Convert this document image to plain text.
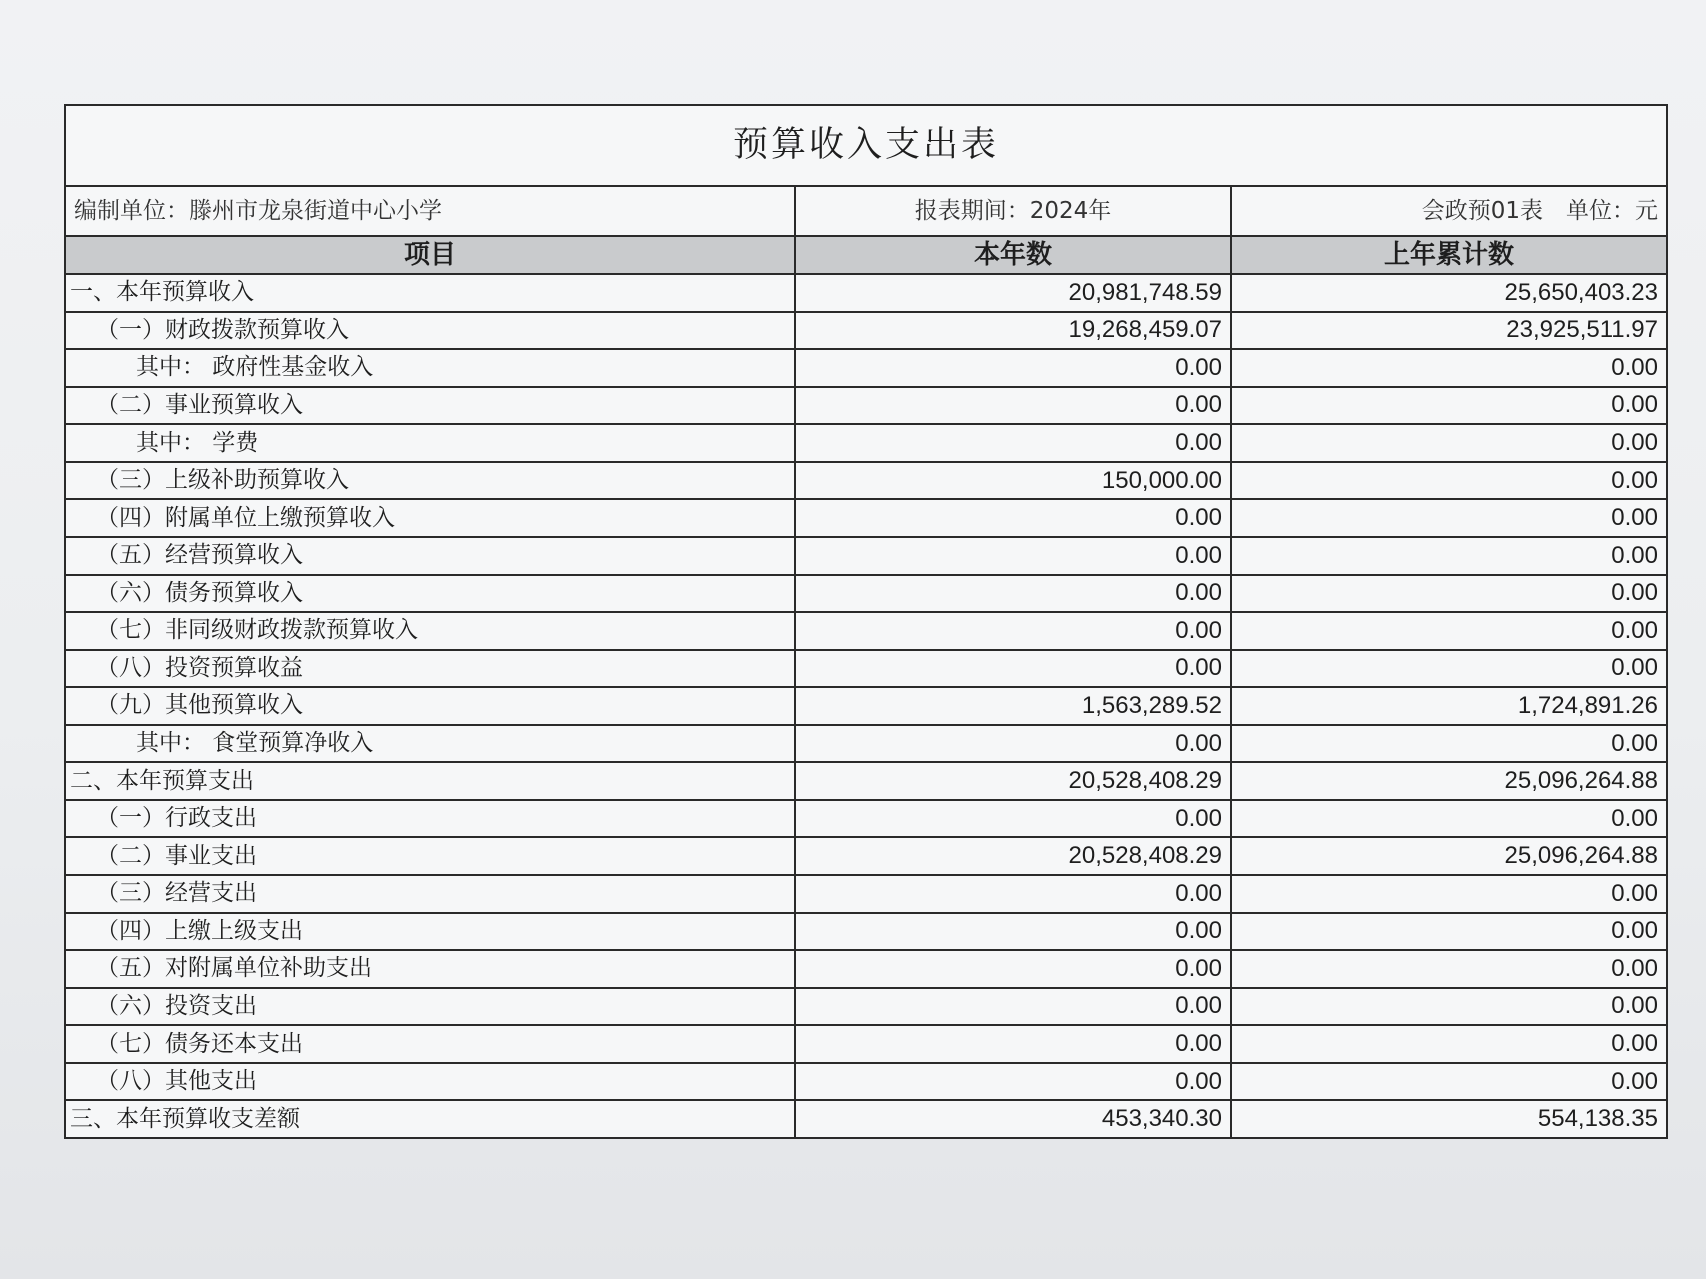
预算收入支出表		
编制单位：滕州市龙泉街道中心小学	报表期间：2024年	会政预01表　单位：元
项目	本年数	上年累计数
一、本年预算收入	20,981,748.59	25,650,403.23
（一）财政拨款预算收入	19,268,459.07	23,925,511.97
其中： 政府性基金收入	0.00	0.00
（二）事业预算收入	0.00	0.00
其中： 学费	0.00	0.00
（三）上级补助预算收入	150,000.00	0.00
（四）附属单位上缴预算收入	0.00	0.00
（五）经营预算收入	0.00	0.00
（六）债务预算收入	0.00	0.00
（七）非同级财政拨款预算收入	0.00	0.00
（八）投资预算收益	0.00	0.00
（九）其他预算收入	1,563,289.52	1,724,891.26
其中： 食堂预算净收入	0.00	0.00
二、本年预算支出	20,528,408.29	25,096,264.88
（一）行政支出	0.00	0.00
（二）事业支出	20,528,408.29	25,096,264.88
（三）经营支出	0.00	0.00
（四）上缴上级支出	0.00	0.00
（五）对附属单位补助支出	0.00	0.00
（六）投资支出	0.00	0.00
（七）债务还本支出	0.00	0.00
（八）其他支出	0.00	0.00
三、本年预算收支差额	453,340.30	554,138.35
